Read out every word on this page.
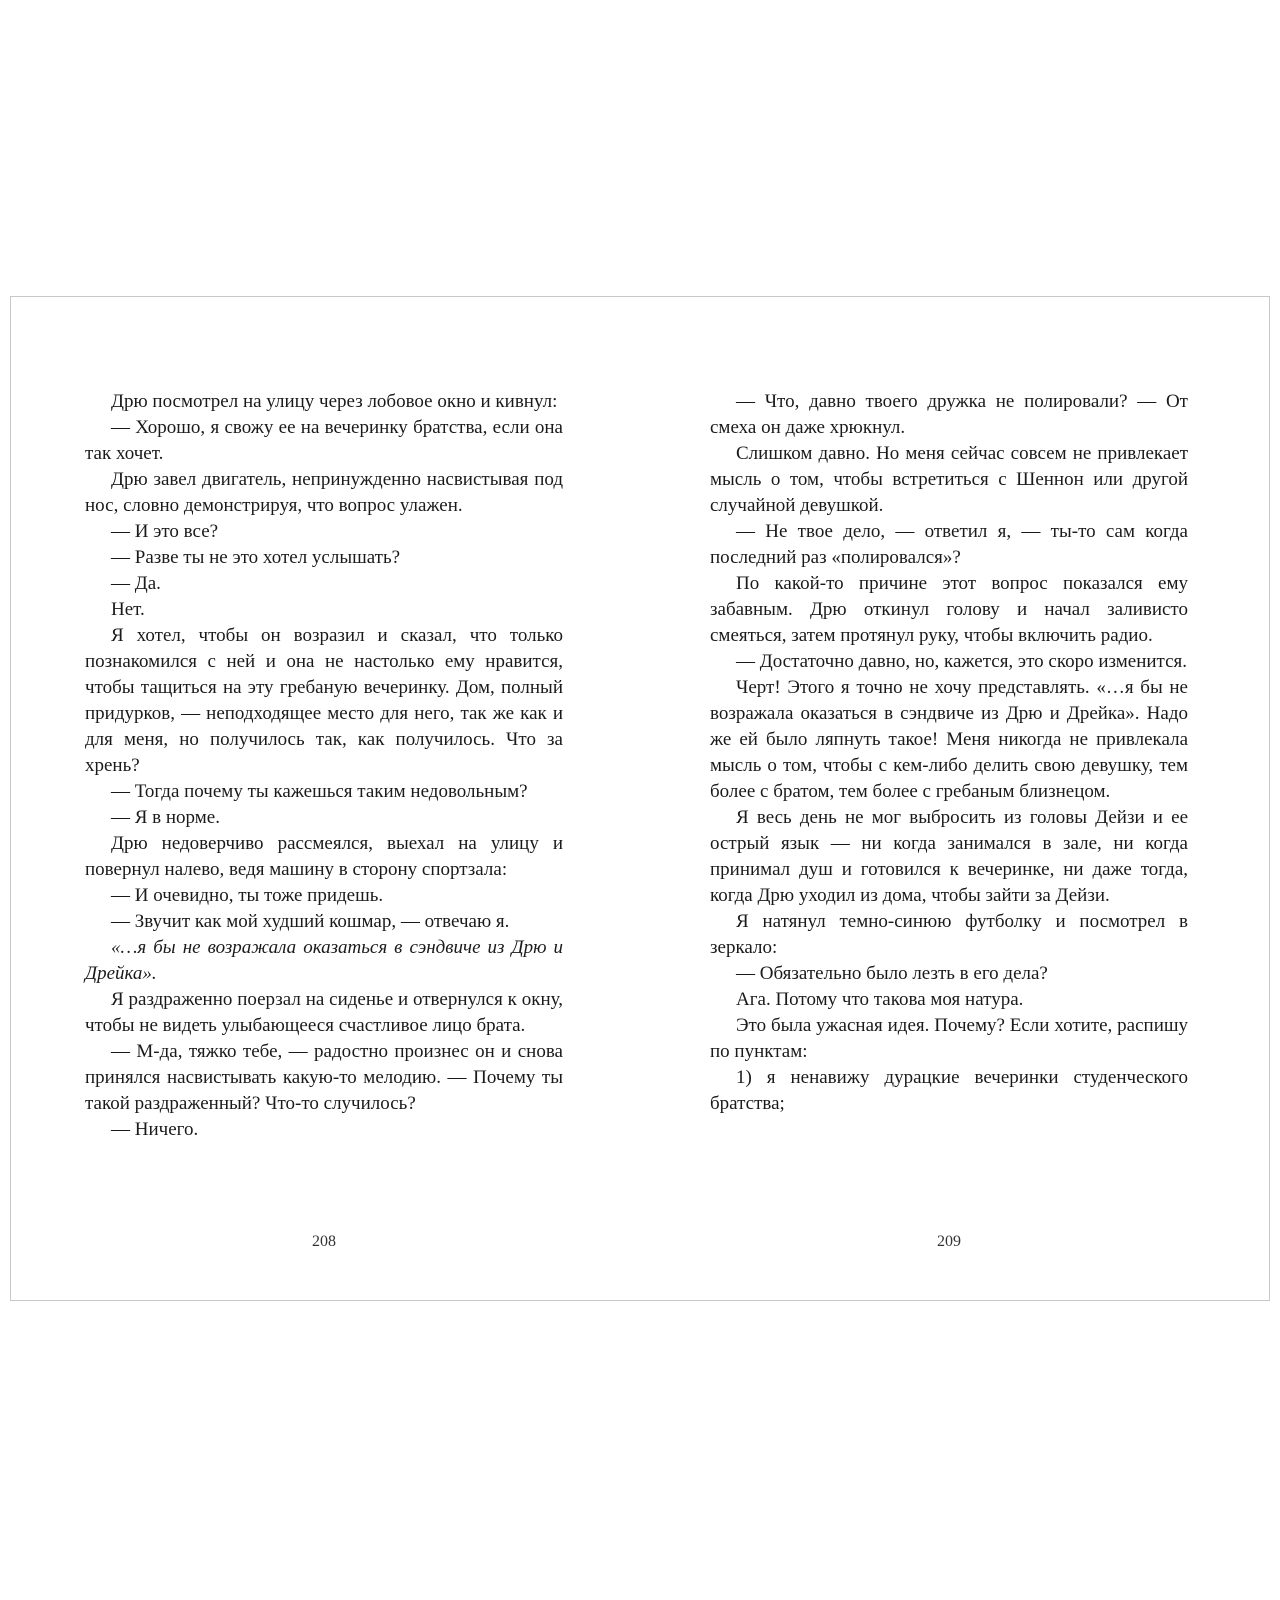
Дрю посмотрел на улицу через лобовое окно и кивнул:

— Хорошо, я свожу ее на вечеринку братства, если она так хочет.

Дрю завел двигатель, непринужденно насвистывая под нос, словно демонстрируя, что вопрос улажен.

— И это все?

— Разве ты не это хотел услышать?

— Да.

Нет.

Я хотел, чтобы он возразил и сказал, что только познакомился с ней и она не настолько ему нравится, чтобы тащиться на эту гребаную вечеринку. Дом, полный придурков, — неподходящее место для него, так же как и для меня, но получилось так, как получилось. Что за хрень?

— Тогда почему ты кажешься таким недовольным?

— Я в норме.

Дрю недоверчиво рассмеялся, выехал на улицу и повернул налево, ведя машину в сторону спортзала:

— И очевидно, ты тоже придешь.

— Звучит как мой худший кошмар, — отвечаю я.

«…я бы не возражала оказаться в сэндвиче из Дрю и Дрейка».

Я раздраженно поерзал на сиденье и отвернулся к окну, чтобы не видеть улыбающееся счастливое лицо брата.

— М-да, тяжко тебе, — радостно произнес он и снова принялся насвистывать какую-то мелодию. — Почему ты такой раздраженный? Что-то случилось?

— Ничего.

— Что, давно твоего дружка не полировали? — От смеха он даже хрюкнул.

Слишком давно. Но меня сейчас совсем не привлекает мысль о том, чтобы встретиться с Шеннон или другой случайной девушкой.

— Не твое дело, — ответил я, — ты-то сам когда последний раз «полировался»?

По какой-то причине этот вопрос показался ему забавным. Дрю откинул голову и начал заливисто смеяться, затем протянул руку, чтобы включить радио.

— Достаточно давно, но, кажется, это скоро изменится.

Черт! Этого я точно не хочу представлять. «…я бы не возражала оказаться в сэндвиче из Дрю и Дрейка». Надо же ей было ляпнуть такое! Меня никогда не привлекала мысль о том, чтобы с кем-либо делить свою девушку, тем более с братом, тем более с гребаным близнецом.

Я весь день не мог выбросить из головы Дейзи и ее острый язык — ни когда занимался в зале, ни когда принимал душ и готовился к вечеринке, ни даже тогда, когда Дрю уходил из дома, чтобы зайти за Дейзи.

Я натянул темно-синюю футболку и посмотрел в зеркало:

— Обязательно было лезть в его дела?

Ага. Потому что такова моя натура.

Это была ужасная идея. Почему? Если хотите, распишу по пунктам:

1) я ненавижу дурацкие вечеринки студенческого братства;

208	209
